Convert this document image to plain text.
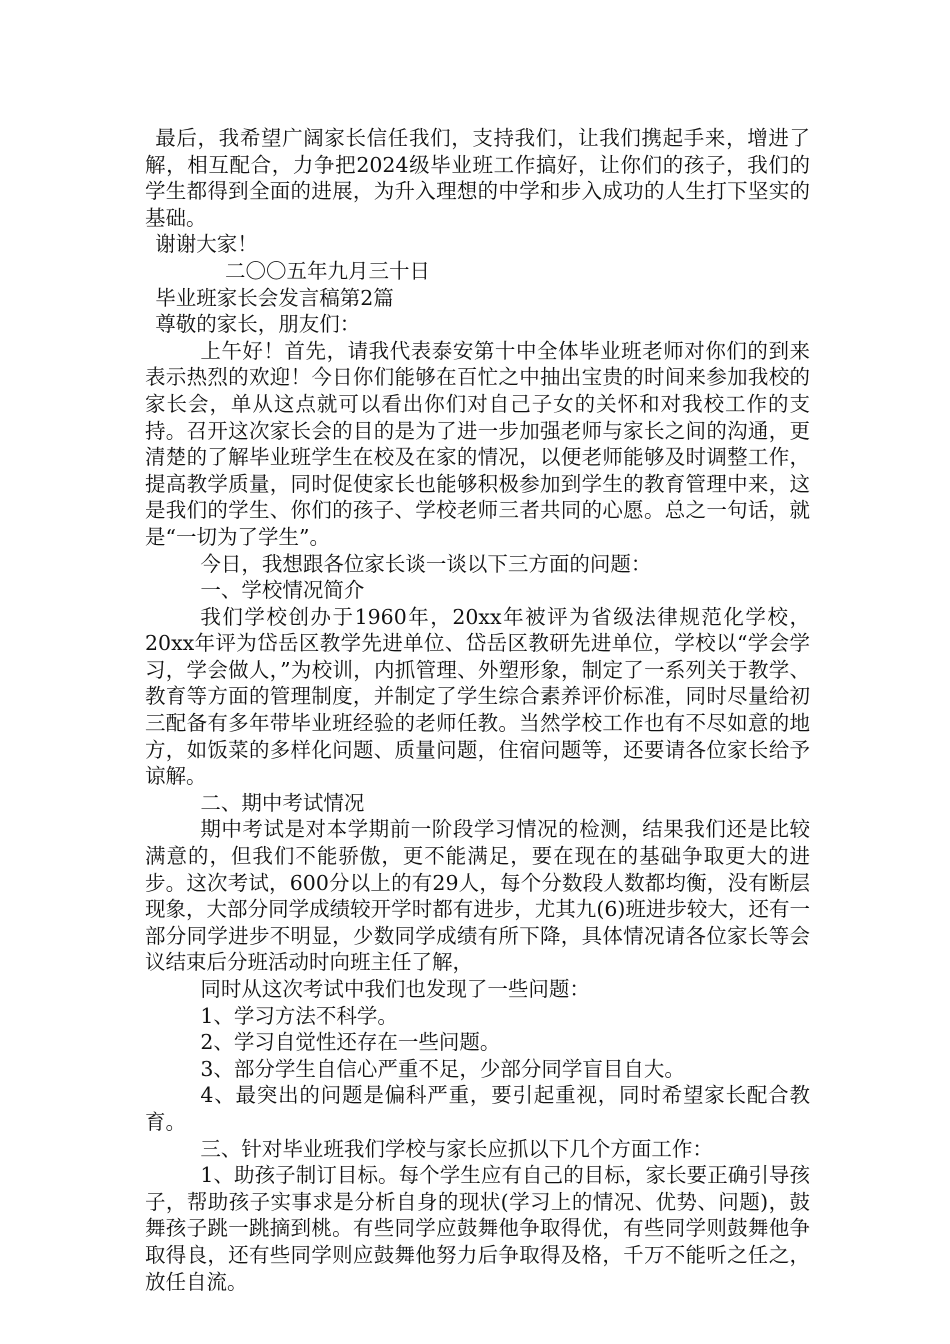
最后，我希望广阔家长信任我们，支持我们，让我们携起手来，增进了解，相互配合，力争把2024级毕业班工作搞好，让你们的孩子，我们的学生都得到全面的进展，为升入理想的中学和步入成功的人生打下坚实的基础。

谢谢大家！

二〇〇五年九月三十日

毕业班家长会发言稿第2篇

尊敬的家长，朋友们：

上午好！首先，请我代表泰安第十中全体毕业班老师对你们的到来表示热烈的欢迎！今日你们能够在百忙之中抽出宝贵的时间来参加我校的家长会，单从这点就可以看出你们对自己子女的关怀和对我校工作的支持。召开这次家长会的目的是为了进一步加强老师与家长之间的沟通，更清楚的了解毕业班学生在校及在家的情况，以便老师能够及时调整工作，提高教学质量，同时促使家长也能够积极参加到学生的教育管理中来，这是我们的学生、你们的孩子、学校老师三者共同的心愿。总之一句话，就是“一切为了学生”。

今日，我想跟各位家长谈一谈以下三方面的问题：

一、学校情况简介

我们学校创办于1960年，20xx年被评为省级法律规范化学校，20xx年评为岱岳区教学先进单位、岱岳区教研先进单位，学校以“学会学习，学会做人，”为校训，内抓管理、外塑形象，制定了一系列关于教学、教育等方面的管理制度，并制定了学生综合素养评价标准，同时尽量给初三配备有多年带毕业班经验的老师任教。当然学校工作也有不尽如意的地方，如饭菜的多样化问题、质量问题，住宿问题等，还要请各位家长给予谅解。

二、期中考试情况

期中考试是对本学期前一阶段学习情况的检测，结果我们还是比较满意的，但我们不能骄傲，更不能满足，要在现在的基础争取更大的进步。这次考试，600分以上的有29人，每个分数段人数都均衡，没有断层现象，大部分同学成绩较开学时都有进步，尤其九(6)班进步较大，还有一部分同学进步不明显，少数同学成绩有所下降，具体情况请各位家长等会议结束后分班活动时向班主任了解，

同时从这次考试中我们也发现了一些问题：

1、学习方法不科学。

2、学习自觉性还存在一些问题。

3、部分学生自信心严重不足，少部分同学盲目自大。

4、最突出的问题是偏科严重，要引起重视，同时希望家长配合教育。

三、针对毕业班我们学校与家长应抓以下几个方面工作：

1、助孩子制订目标。每个学生应有自己的目标，家长要正确引导孩子，帮助孩子实事求是分析自身的现状(学习上的情况、优势、问题)，鼓舞孩子跳一跳摘到桃。有些同学应鼓舞他争取得优，有些同学则鼓舞他争取得良，还有些同学则应鼓舞他努力后争取得及格，千万不能听之任之，放任自流。
